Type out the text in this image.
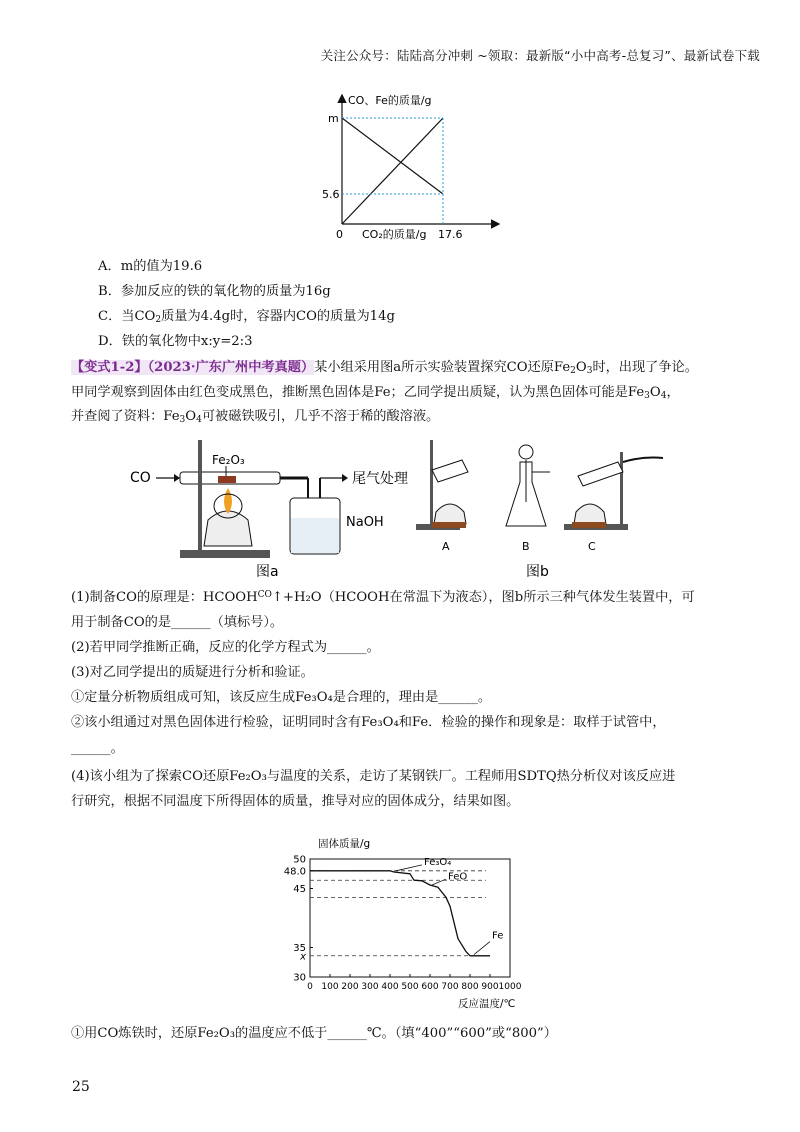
关注公众号：陆陆高分冲刺 ~领取：最新版“小中高考-总复习”、最新试卷下载
CO、Fe的质量/g
m
5.6
0 CO₂的质量/g 17.6
A．m的值为19.6
B．参加反应的铁的氧化物的质量为16g
C．当$CO_2$质量为4.4g时，容器内CO的质量为14g
D．铁的氧化物中x:y=2:3
【变式1-2】（2023·广东广州中考真题）某小组采用图a所示实验装置探究CO还原$Fe_2O_3$时，出现了争论。
甲同学观察到固体由红色变成黑色，推断黑色固体是Fe；乙同学提出质疑，认为黑色固体可能是$Fe_3O_4$，
并查阅了资料：$Fe_3O_4$可被磁铁吸引，几乎不溶于稀的酸溶液。
CO
Fe₂O₃
尾气处理
NaOH
图a
A	B	C
图b
(1)制备CO的原理是：$HCOOH^{CO}↑+H_2O(HCOOH$在常温下为液态），图b所示三种气体发生装置中，可
用于制备CO的是______（填标号）。
(2)若甲同学推断正确，反应的化学方程式为______。
(3)对乙同学提出的质疑进行分析和验证。
①定量分析物质组成可知，该反应生成Fe₃O₄是合理的，理由是______。
②该小组通过对黑色固体进行检验，证明同时含有Fe₃O₄和Fe．检验的操作和现象是：取样于试管中，
______。
(4)该小组为了探索CO还原Fe₂O₃与温度的关系，走访了某钢铁厂。工程师用SDTQ热分析仪对该反应进
行研究，根据不同温度下所得固体的质量，推导对应的固体成分，结果如图。
固体质量/g
反应温度/℃
30
35
45
48.0
50
x
0 100 200 300 400 500 600 700 800 900 1000
Fe₃O₄
FeO
Fe
①用CO炼铁时，还原Fe₂O₃的温度应不低于______℃。（填“400”“600”或“800”）
25
